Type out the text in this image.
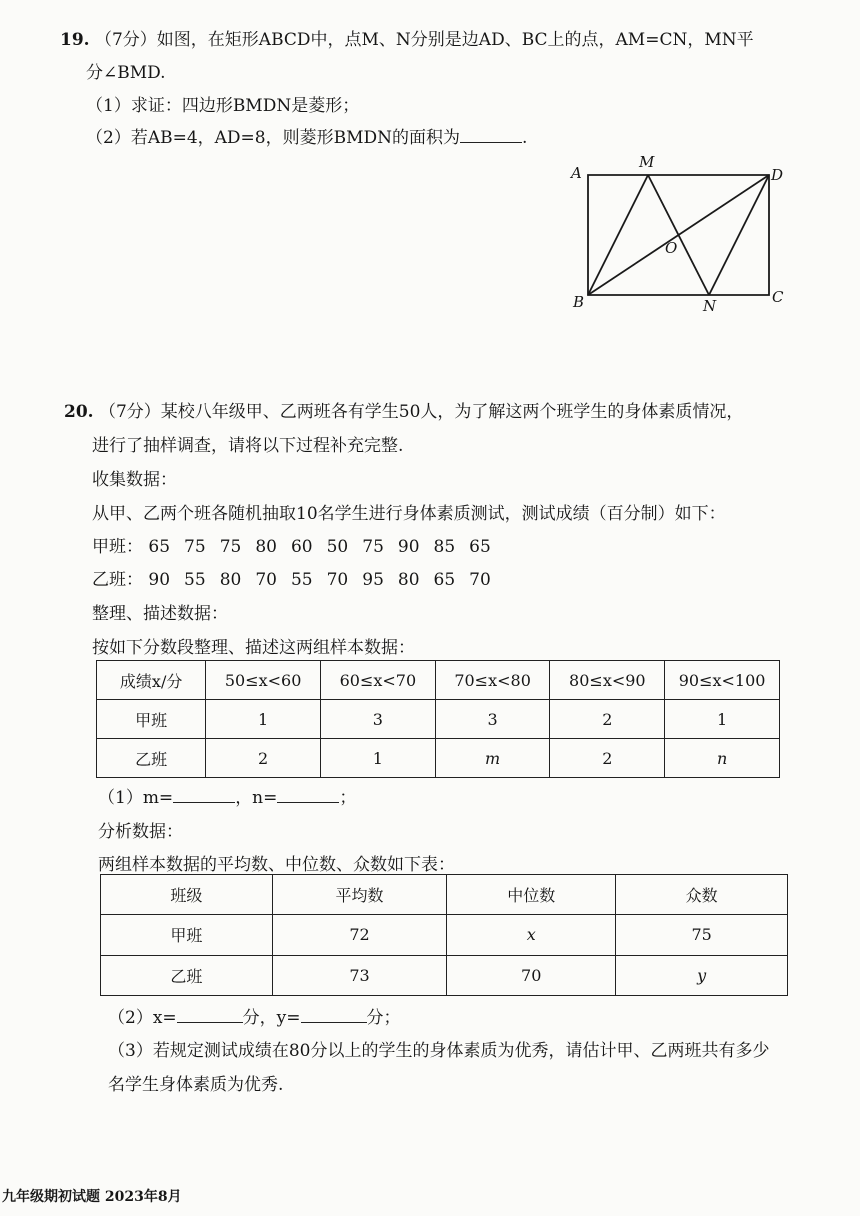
19. （7分）如图，在矩形ABCD中，点M、N分别是边AD、BC上的点，AM=CN，MN平
分∠BMD.
（1）求证：四边形BMDN是菱形；
（2）若AB=4，AD=8，则菱形BMDN的面积为	.
A
M
D
O
B	N	C
20. （7分）某校八年级甲、乙两班各有学生50人，为了解这两个班学生的身体素质情况，
进行了抽样调查，请将以下过程补充完整.
收集数据：
从甲、乙两个班各随机抽取10名学生进行身体素质测试，测试成绩（百分制）如下：
甲班： 65 75 75 80 60 50 75 90 85 65
乙班： 90 55 80 70 55 70 95 80 65 70
整理、描述数据：
按如下分数段整理、描述这两组样本数据：
成绩x/分	50≤x<60	60≤x<70	70≤x<80	80≤x<90	90≤x<100
甲班	1	3	3	2	1
乙班	2	1	m	2	n
（1）m=	，n=	；
分析数据：
两组样本数据的平均数、中位数、众数如下表：
班级	平均数	中位数	众数
甲班	72	x	75
乙班	73	70	y
（2）x=	分，y=	分；
（3）若规定测试成绩在80分以上的学生的身体素质为优秀，请估计甲、乙两班共有多少
名学生身体素质为优秀.
九年级期初试题 2023年8月
